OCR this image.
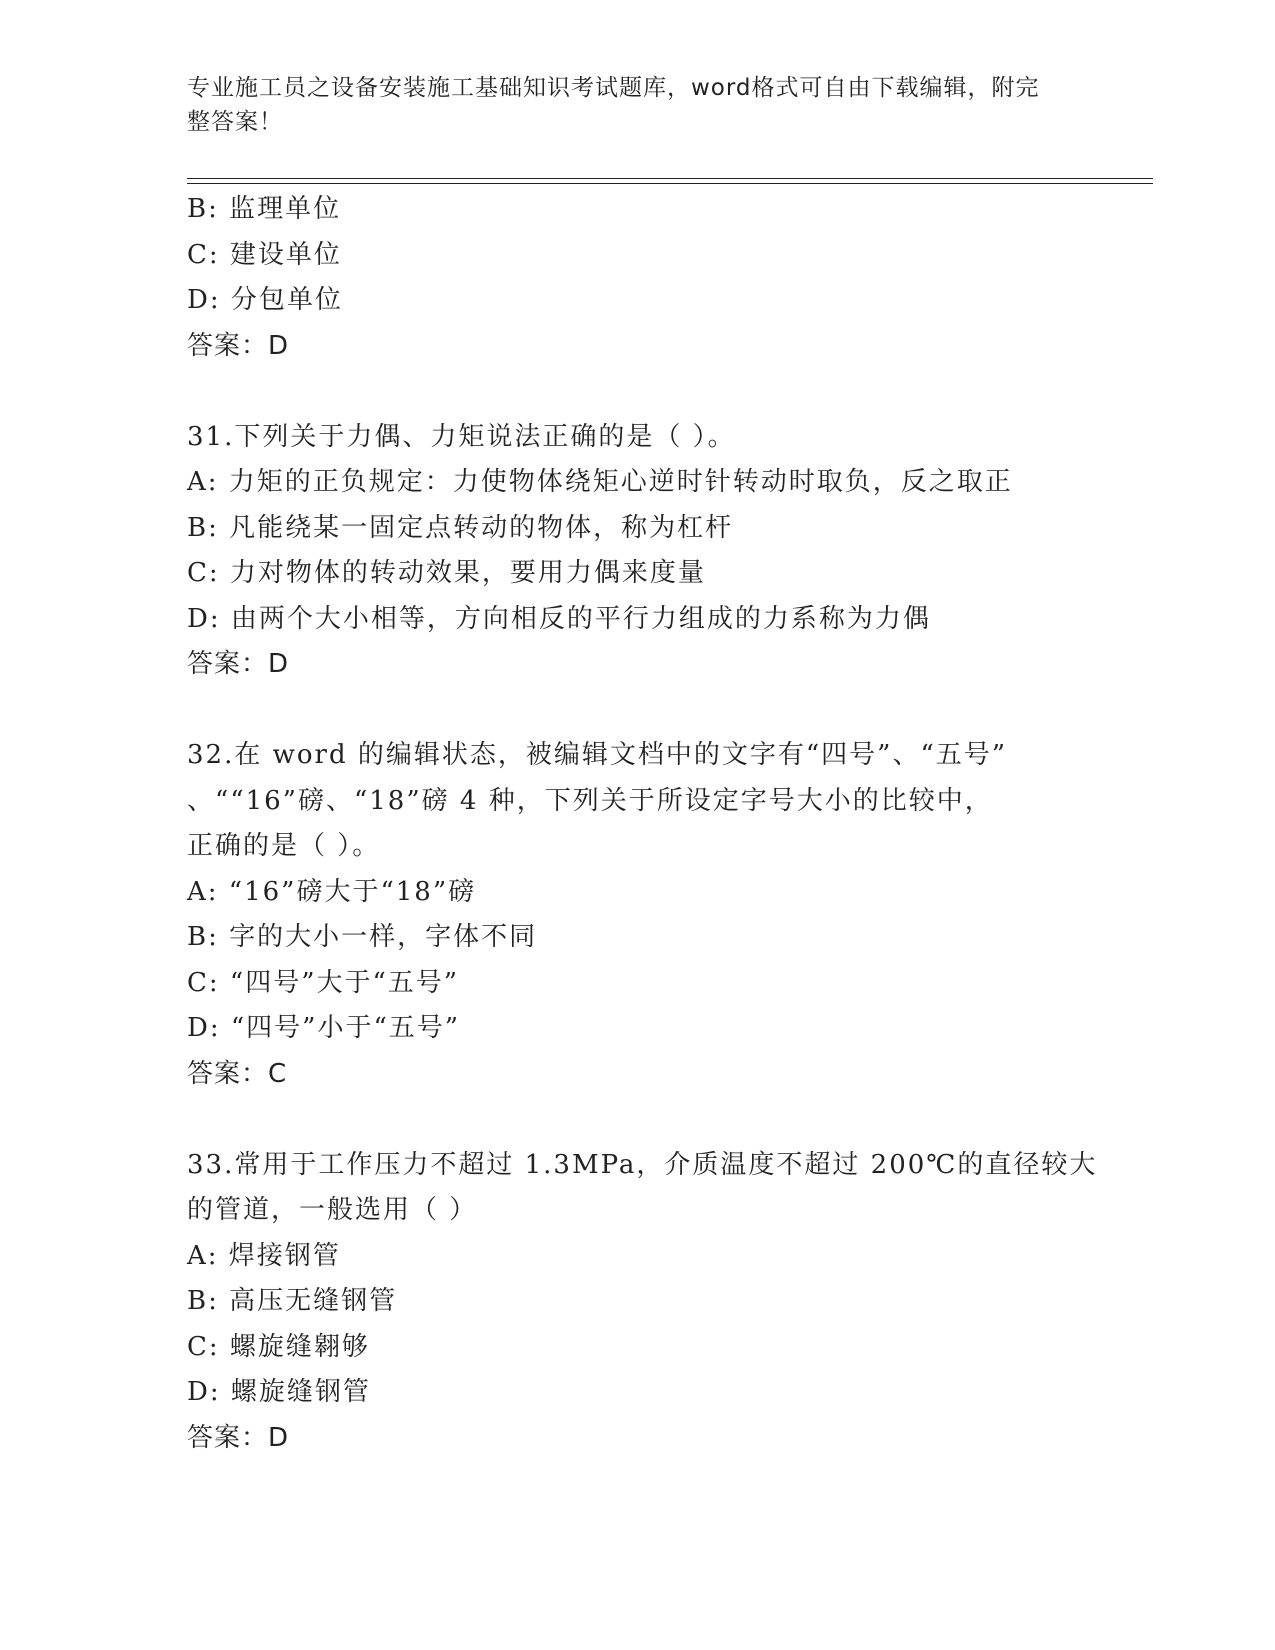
专业施工员之设备安装施工基础知识考试题库，word格式可自由下载编辑，附完
整答案！
B: 监理单位
C: 建设单位
D: 分包单位
答案：D
31.下列关于力偶、力矩说法正确的是（ ）。
A: 力矩的正负规定：力使物体绕矩心逆时针转动时取负，反之取正
B: 凡能绕某一固定点转动的物体，称为杠杆
C: 力对物体的转动效果，要用力偶来度量
D: 由两个大小相等，方向相反的平行力组成的力系称为力偶
答案：D
32.在 word 的编辑状态，被编辑文档中的文字有“四号”、“五号”
、““16”磅、“18”磅 4 种，下列关于所设定字号大小的比较中，
正确的是（ ）。
A: “16”磅大于“18”磅
B: 字的大小一样，字体不同
C: “四号”大于“五号”
D: “四号”小于“五号”
答案：C
33.常用于工作压力不超过 1.3MPa，介质温度不超过 200℃的直径较大
的管道，一般选用（ ）
A: 焊接钢管
B: 高压无缝钢管
C: 螺旋缝翱够
D: 螺旋缝钢管
答案：D
